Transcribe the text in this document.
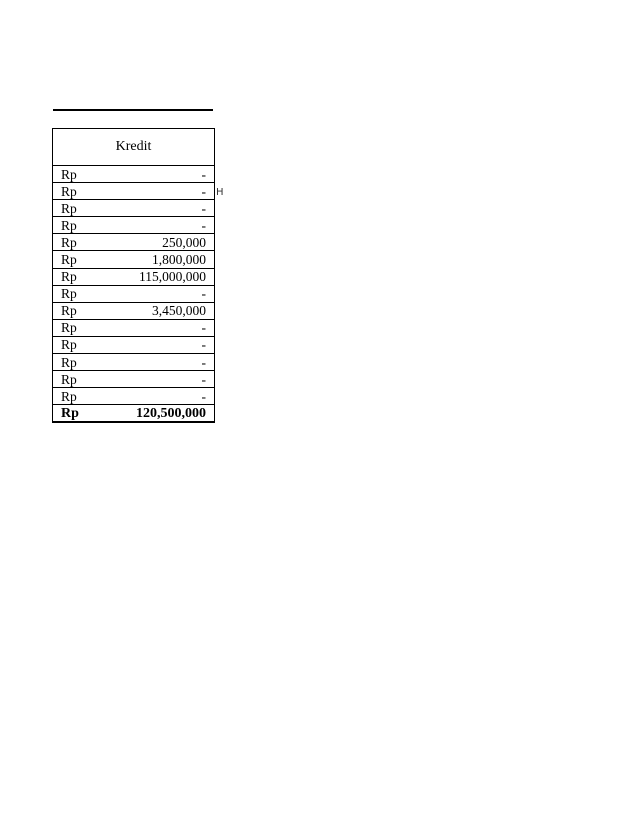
Kredit
Rp	-
Rp	-
Rp	-
Rp	-
Rp	250,000
Rp	1,800,000
Rp	115,000,000
Rp	-
Rp	3,450,000
Rp	-
Rp	-
Rp	-
Rp	-
Rp	-
Rp	120,500,000
H
